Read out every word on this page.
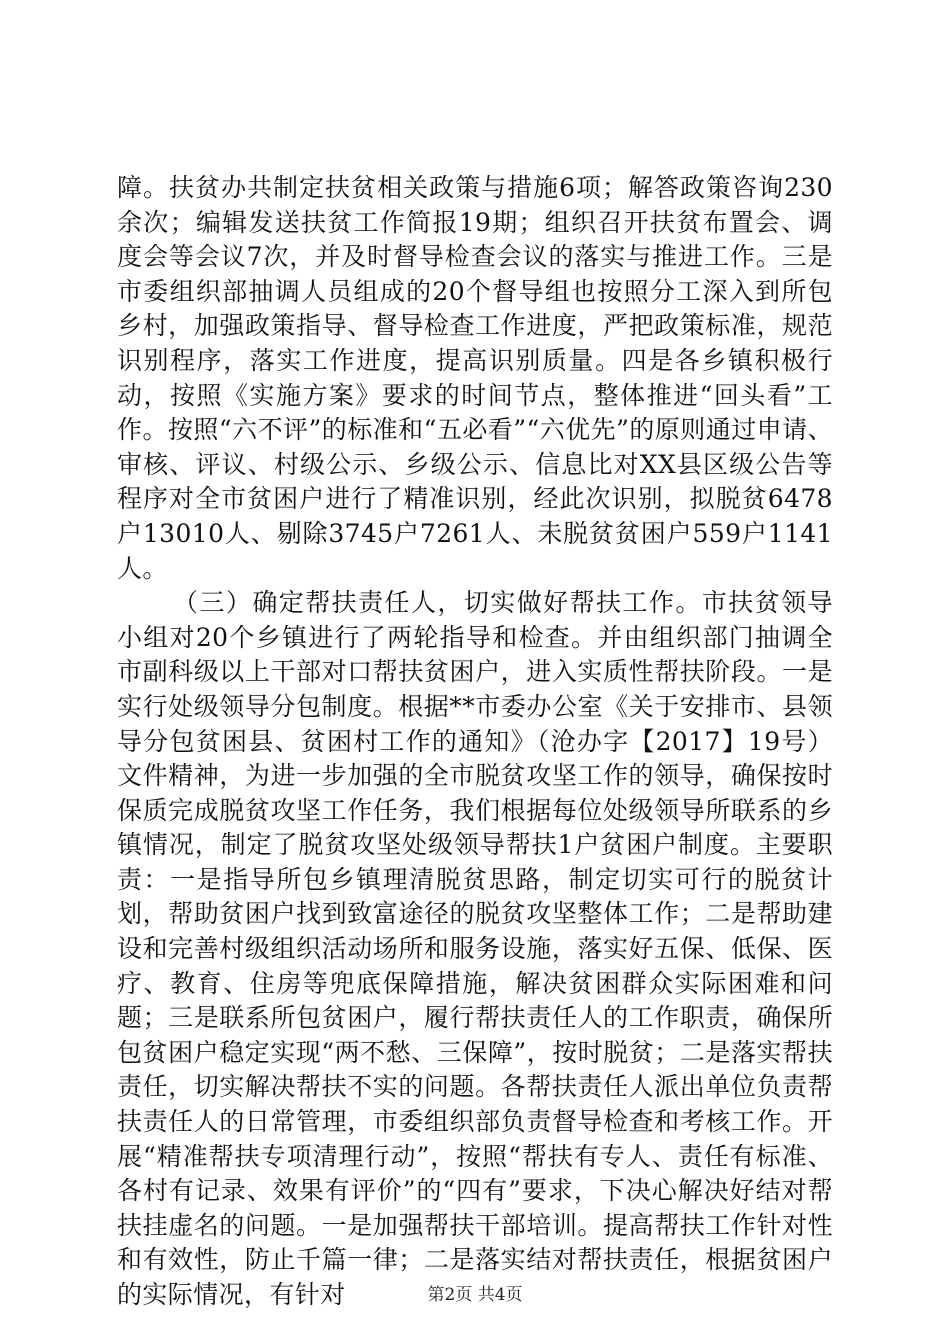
障。扶贫办共制定扶贫相关政策与措施6项；解答政策咨询230余次；编辑发送扶贫工作简报19期；组织召开扶贫布置会、调度会等会议7次，并及时督导检查会议的落实与推进工作。三是市委组织部抽调人员组成的20个督导组也按照分工深入到所包乡村，加强政策指导、督导检查工作进度，严把政策标准，规范识别程序，落实工作进度，提高识别质量。四是各乡镇积极行动，按照《实施方案》要求的时间节点，整体推进“回头看”工作。按照“六不评”的标准和“五必看”“六优先”的原则通过申请、审核、评议、村级公示、乡级公示、信息比对XX县区级公告等程序对全市贫困户进行了精准识别，经此次识别，拟脱贫6478户13010人、剔除3745户7261人、未脱贫贫困户559户1141人。

（三）确定帮扶责任人，切实做好帮扶工作。市扶贫领导小组对20个乡镇进行了两轮指导和检查。并由组织部门抽调全市副科级以上干部对口帮扶贫困户，进入实质性帮扶阶段。一是实行处级领导分包制度。根据**市委办公室《关于安排市、县领导分包贫困县、贫困村工作的通知》（沧办字【2017】19号）文件精神，为进一步加强的全市脱贫攻坚工作的领导，确保按时保质完成脱贫攻坚工作任务，我们根据每位处级领导所联系的乡镇情况，制定了脱贫攻坚处级领导帮扶1户贫困户制度。主要职责：一是指导所包乡镇理清脱贫思路，制定切实可行的脱贫计划，帮助贫困户找到致富途径的脱贫攻坚整体工作；二是帮助建设和完善村级组织活动场所和服务设施，落实好五保、低保、医疗、教育、住房等兜底保障措施，解决贫困群众实际困难和问题；三是联系所包贫困户，履行帮扶责任人的工作职责，确保所包贫困户稳定实现“两不愁、三保障”，按时脱贫；二是落实帮扶责任，切实解决帮扶不实的问题。各帮扶责任人派出单位负责帮扶责任人的日常管理，市委组织部负责督导检查和考核工作。开展“精准帮扶专项清理行动”，按照“帮扶有专人、责任有标准、各村有记录、效果有评价”的“四有”要求，下决心解决好结对帮扶挂虚名的问题。一是加强帮扶干部培训。提高帮扶工作针对性和有效性，防止千篇一律；二是落实结对帮扶责任，根据贫困户的实际情况，有针对	第2页 共4页
